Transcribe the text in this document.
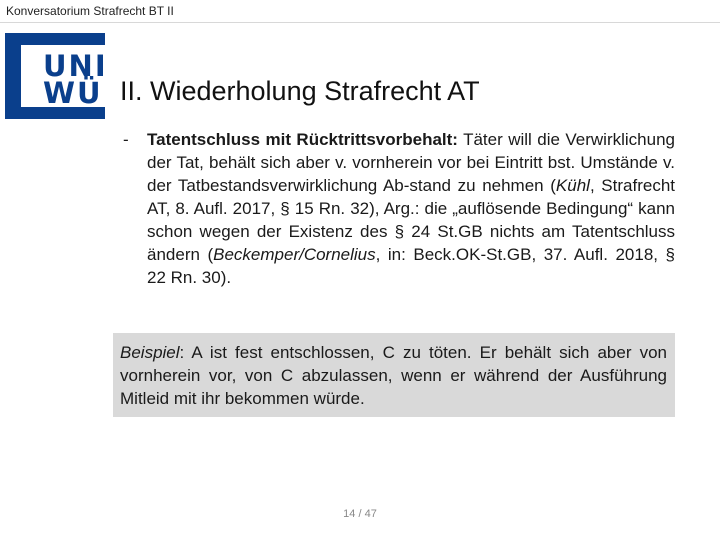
Konversatorium Strafrecht BT II
UNI
WÜ II. Wiederholung Strafrecht AT
- Tatentschluss mit Rücktrittsvorbehalt: Täter will die Verwirklichung der Tat, behält sich aber v. vornherein vor bei Eintritt bst. Umstände v. der Tatbestandsverwirklichung Ab-stand zu nehmen (Kühl, Strafrecht AT, 8. Aufl. 2017, § 15 Rn. 32), Arg.: die „auflösende Bedingung“ kann schon wegen der Existenz des § 24 St.GB nichts am Tatentschluss ändern (Beckemper/Cornelius, in: Beck.OK-St.GB, 37. Aufl. 2018, § 22 Rn. 30).
Beispiel: A ist fest entschlossen, C zu töten. Er behält sich aber von vornherein vor, von C abzulassen, wenn er während der Ausführung Mitleid mit ihr bekommen würde.
14 / 47
